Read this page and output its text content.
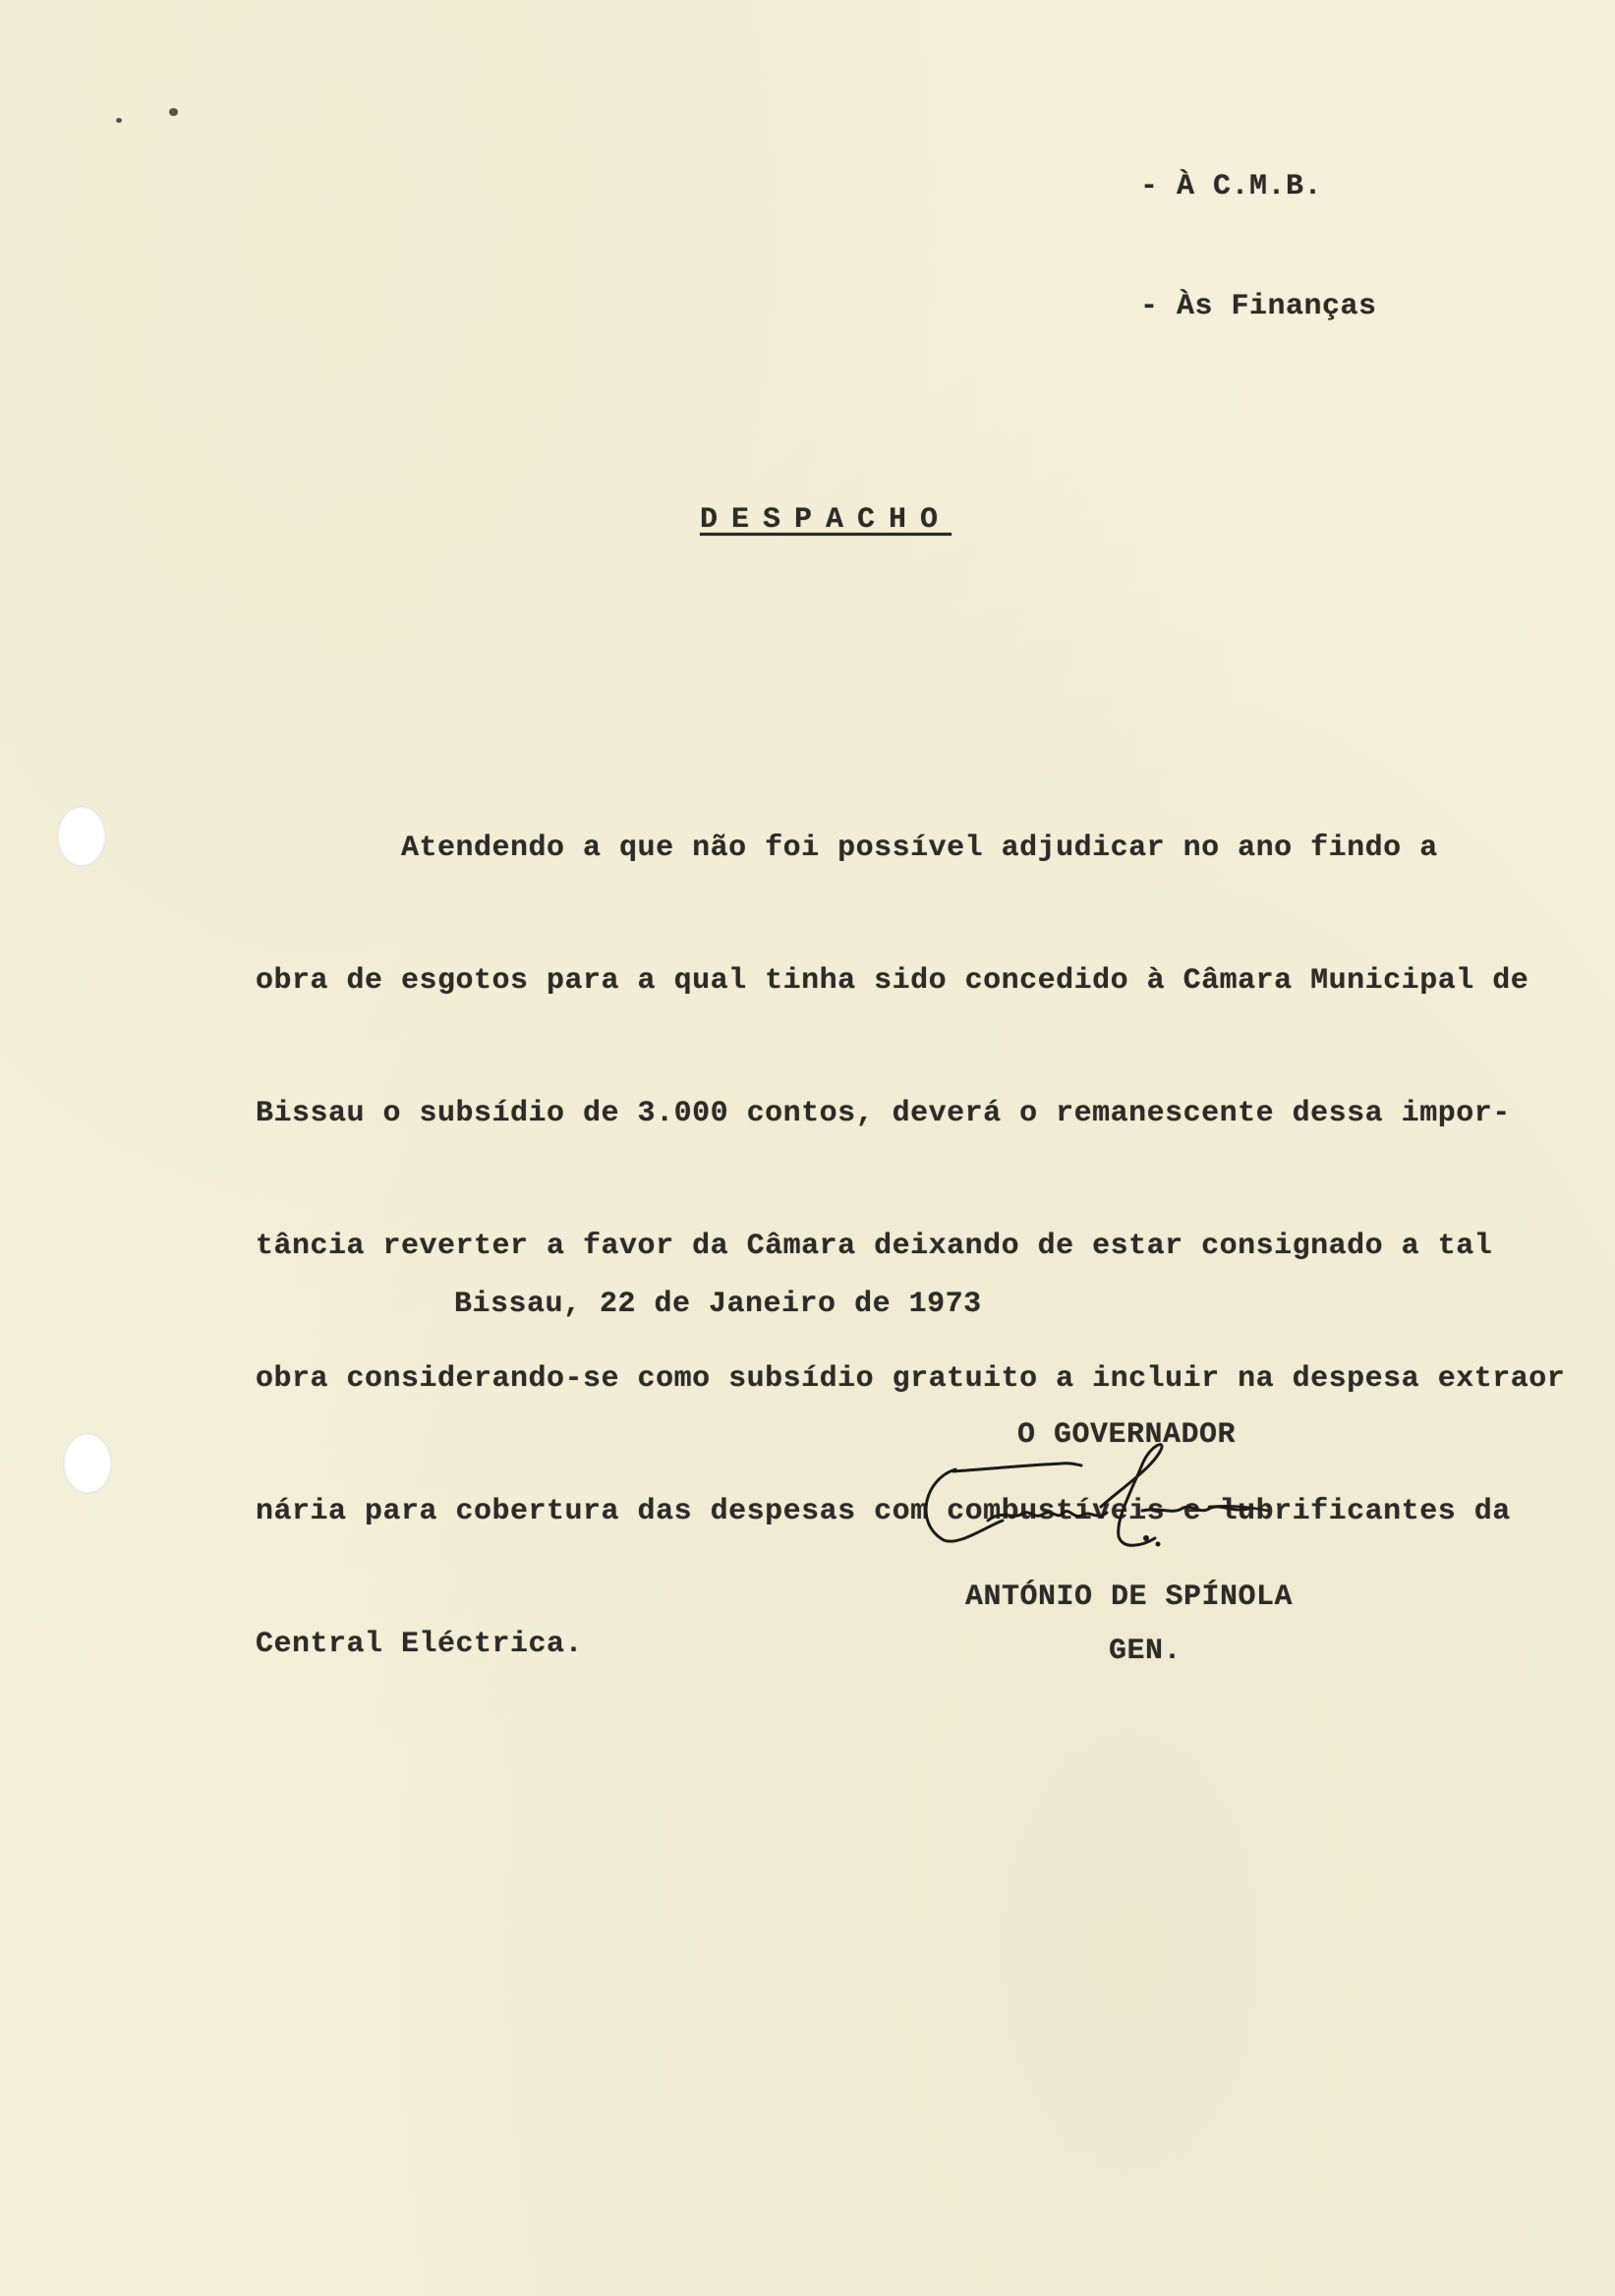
- À C.M.B.

- Às Finanças

DESPACHO

Atendendo a que não foi possível adjudicar no ano findo a

obra de esgotos para a qual tinha sido concedido à Câmara Municipal de

Bissau o subsídio de 3.000 contos, deverá o remanescente dessa impor-

tância reverter a favor da Câmara deixando de estar consignado a tal

obra considerando-se como subsídio gratuito a incluir na despesa extraor

nária para cobertura das despesas com combustíveis e lubrificantes da

Central Eléctrica.

Bissau, 22 de Janeiro de 1973
O GOVERNADOR
ANTÓNIO DE SPÍNOLA
GEN.
